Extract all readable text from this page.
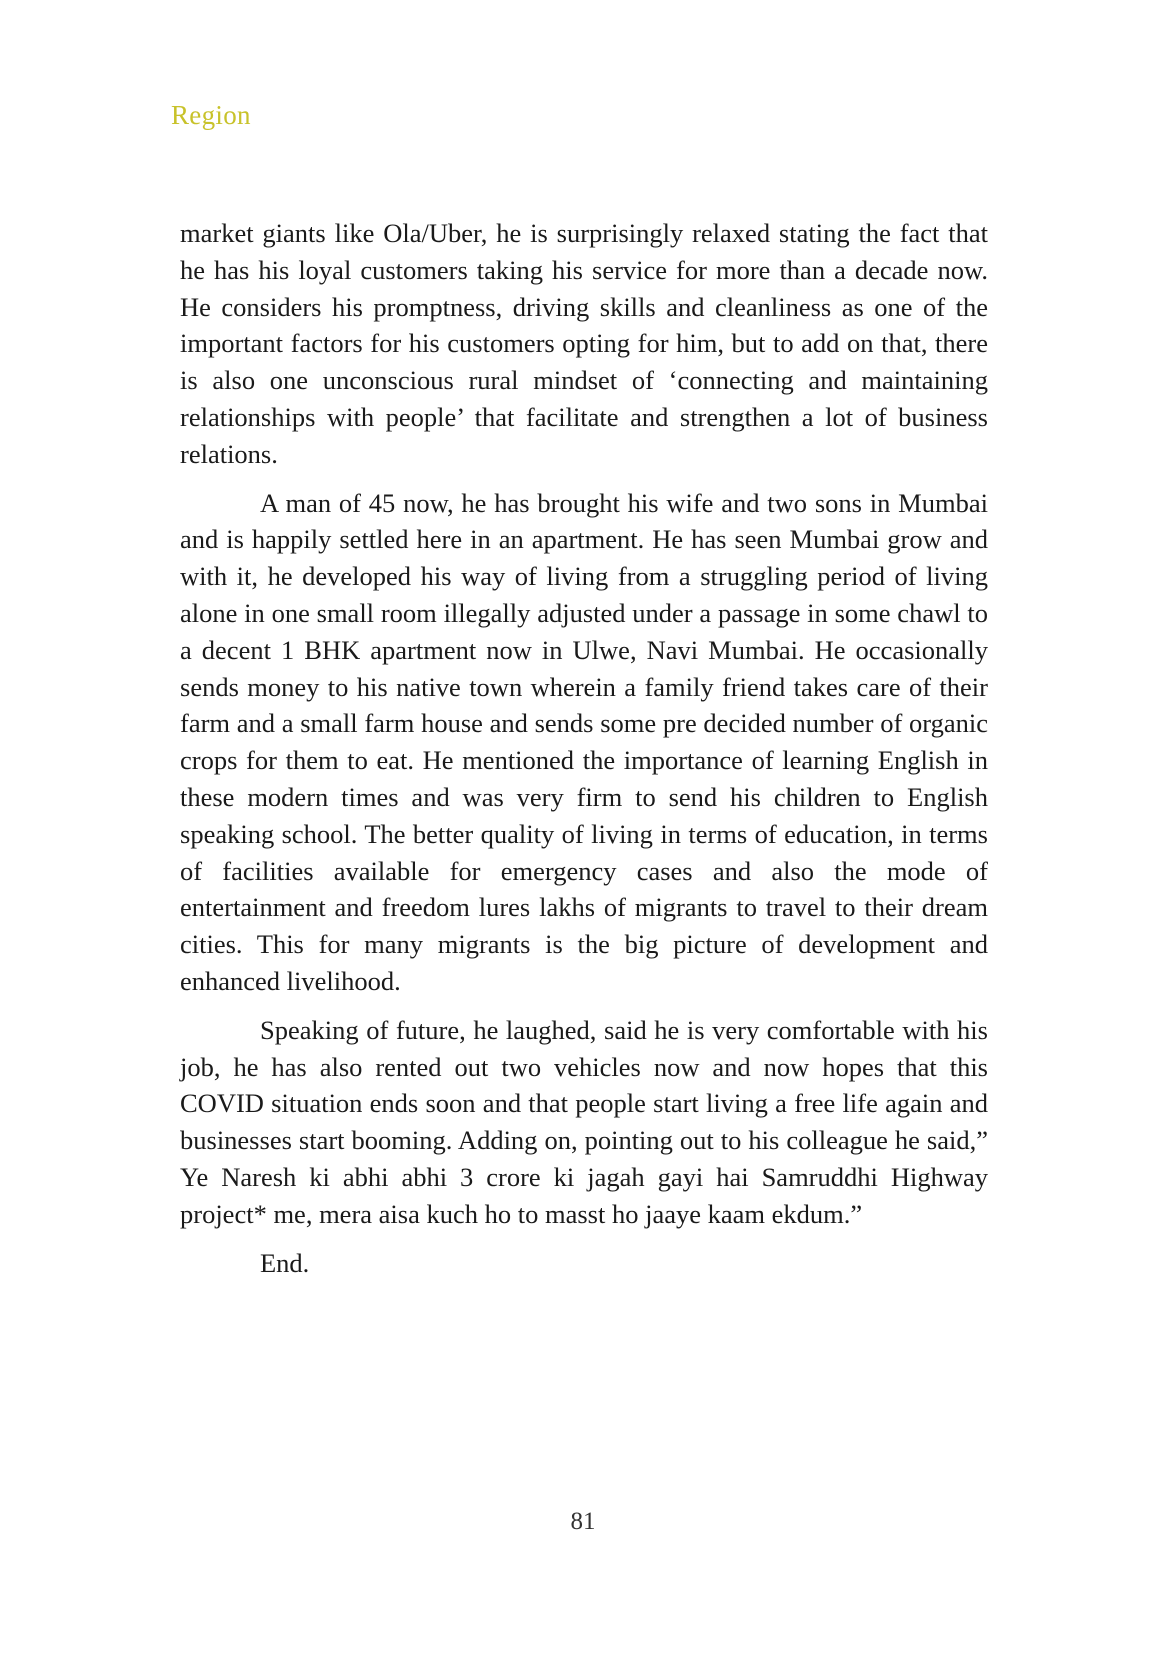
Region

market giants like Ola/Uber, he is surprisingly relaxed stating the fact that he has his loyal customers taking his service for more than a decade now. He considers his promptness, driving skills and cleanliness as one of the important factors for his customers opting for him, but to add on that, there is also one unconscious rural mindset of ‘connecting and maintaining relationships with people’ that facilitate and strengthen a lot of business relations.

A man of 45 now, he has brought his wife and two sons in Mumbai and is happily settled here in an apartment. He has seen Mumbai grow and with it, he developed his way of living from a struggling period of living alone in one small room illegally adjusted under a passage in some chawl to a decent 1 BHK apartment now in Ulwe, Navi Mumbai. He occasionally sends money to his native town wherein a family friend takes care of their farm and a small farm house and sends some pre decided number of organic crops for them to eat. He mentioned the importance of learning English in these modern times and was very firm to send his children to English speaking school. The better quality of living in terms of education, in terms of facilities available for emergency cases and also the mode of entertainment and freedom lures lakhs of migrants to travel to their dream cities. This for many migrants is the big picture of development and enhanced livelihood.

Speaking of future, he laughed, said he is very comfortable with his job, he has also rented out two vehicles now and now hopes that this COVID situation ends soon and that people start living a free life again and businesses start booming. Adding on, pointing out to his colleague he said,” Ye Naresh ki abhi abhi 3 crore ki jagah gayi hai Samruddhi Highway project* me, mera aisa kuch ho to masst ho jaaye kaam ekdum.”

End.

81
